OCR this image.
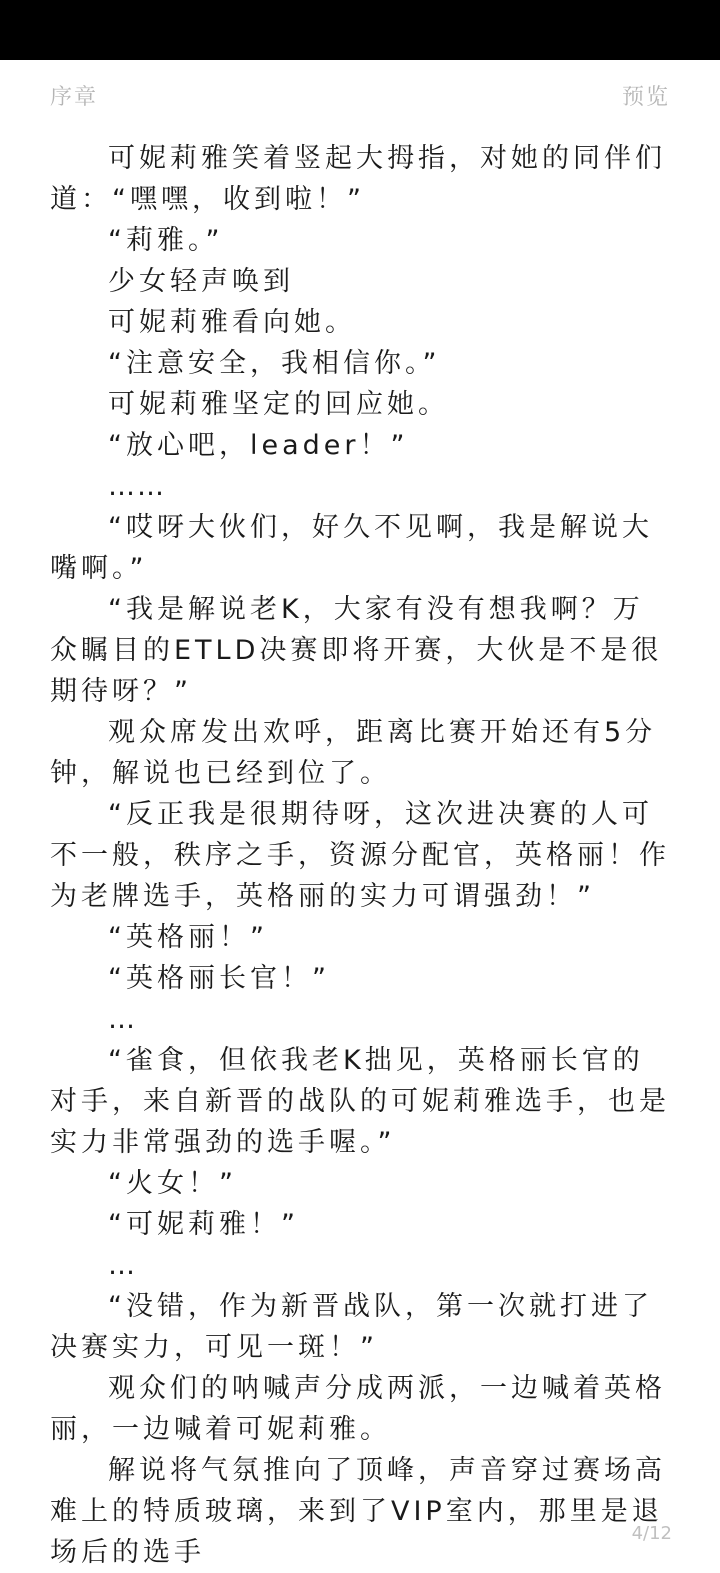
序章	预览

可妮莉雅笑着竖起大拇指，对她的同伴们道：“嘿嘿，收到啦！”

“莉雅。”

少女轻声唤到

可妮莉雅看向她。

“注意安全，我相信你。”

可妮莉雅坚定的回应她。

“放心吧，leader！”

……

“哎呀大伙们，好久不见啊，我是解说大嘴啊。”

“我是解说老K，大家有没有想我啊？万众瞩目的ETLD决赛即将开赛，大伙是不是很期待呀？”

观众席发出欢呼，距离比赛开始还有5分钟，解说也已经到位了。

“反正我是很期待呀，这次进决赛的人可不一般，秩序之手，资源分配官，英格丽！作为老牌选手，英格丽的实力可谓强劲！”

“英格丽！”

“英格丽长官！”

…

“雀食，但依我老K拙见，英格丽长官的对手，来自新晋的战队的可妮莉雅选手，也是实力非常强劲的选手喔。”

“火女！”

“可妮莉雅！”

…

“没错，作为新晋战队，第一次就打进了决赛实力，可见一斑！”

观众们的呐喊声分成两派，一边喊着英格丽，一边喊着可妮莉雅。

解说将气氛推向了顶峰，声音穿过赛场高难上的特质玻璃，来到了VIP室内，那里是退场后的选手

4/12
